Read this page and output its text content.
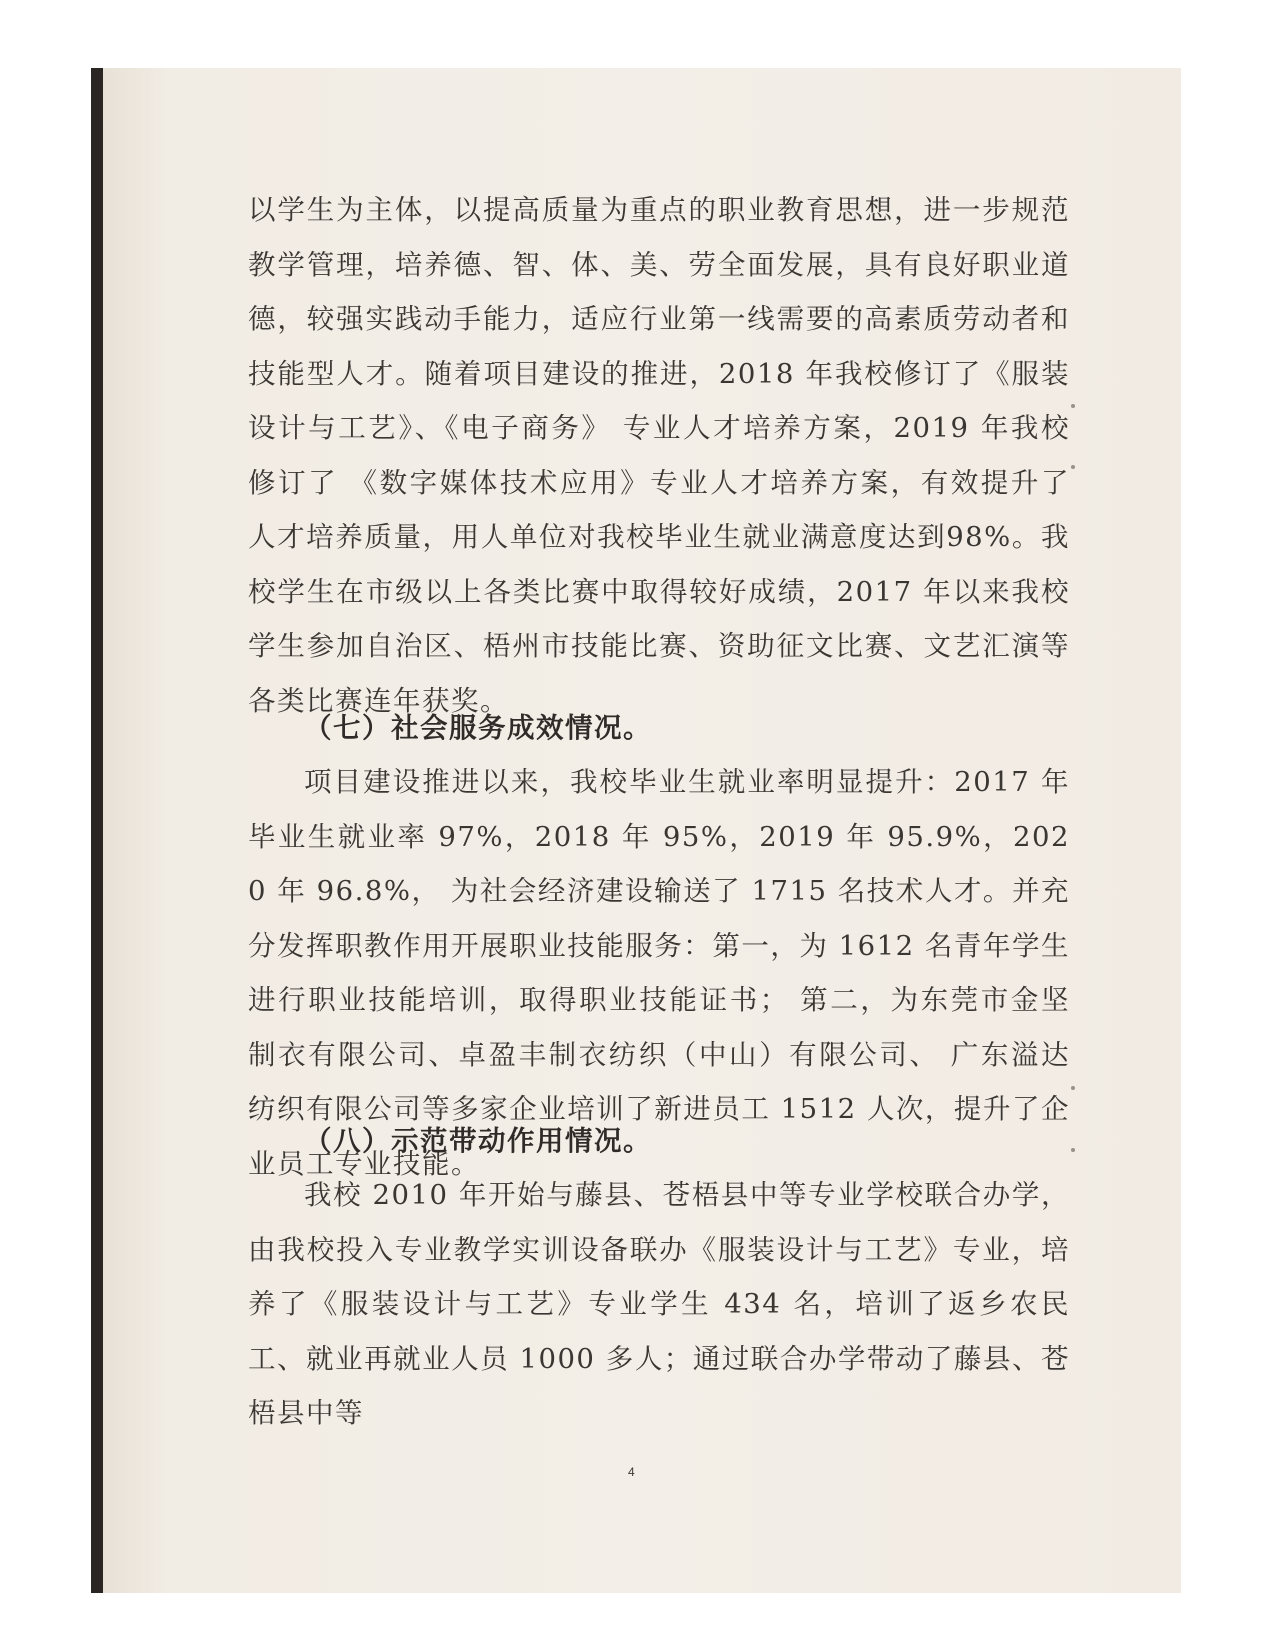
以学生为主体，以提高质量为重点的职业教育思想，进一步规范教学管理，培养德、智、体、美、劳全面发展，具有良好职业道德，较强实践动手能力，适应行业第一线需要的高素质劳动者和技能型人才。随着项目建设的推进，2018 年我校修订了《服装设计与工艺》、《电子商务》 专业人才培养方案，2019 年我校修订了 《数字媒体技术应用》专业人才培养方案，有效提升了人才培养质量，用人单位对我校毕业生就业满意度达到98%。我校学生在市级以上各类比赛中取得较好成绩，2017 年以来我校学生参加自治区、梧州市技能比赛、资助征文比赛、文艺汇演等各类比赛连年获奖。

（七）社会服务成效情况。

项目建设推进以来，我校毕业生就业率明显提升：2017 年毕业生就业率 97%，2018 年 95%，2019 年 95.9%，2020 年 96.8%， 为社会经济建设输送了 1715 名技术人才。并充分发挥职教作用开展职业技能服务：第一，为 1612 名青年学生进行职业技能培训，取得职业技能证书； 第二，为东莞市金坚制衣有限公司、卓盈丰制衣纺织（中山）有限公司、 广东溢达纺织有限公司等多家企业培训了新进员工 1512 人次，提升了企业员工专业技能。

（八）示范带动作用情况。

我校 2010 年开始与藤县、苍梧县中等专业学校联合办学，由我校投入专业教学实训设备联办《服装设计与工艺》专业，培养了《服装设计与工艺》专业学生 434 名，培训了返乡农民工、就业再就业人员 1000 多人；通过联合办学带动了藤县、苍梧县中等

4
